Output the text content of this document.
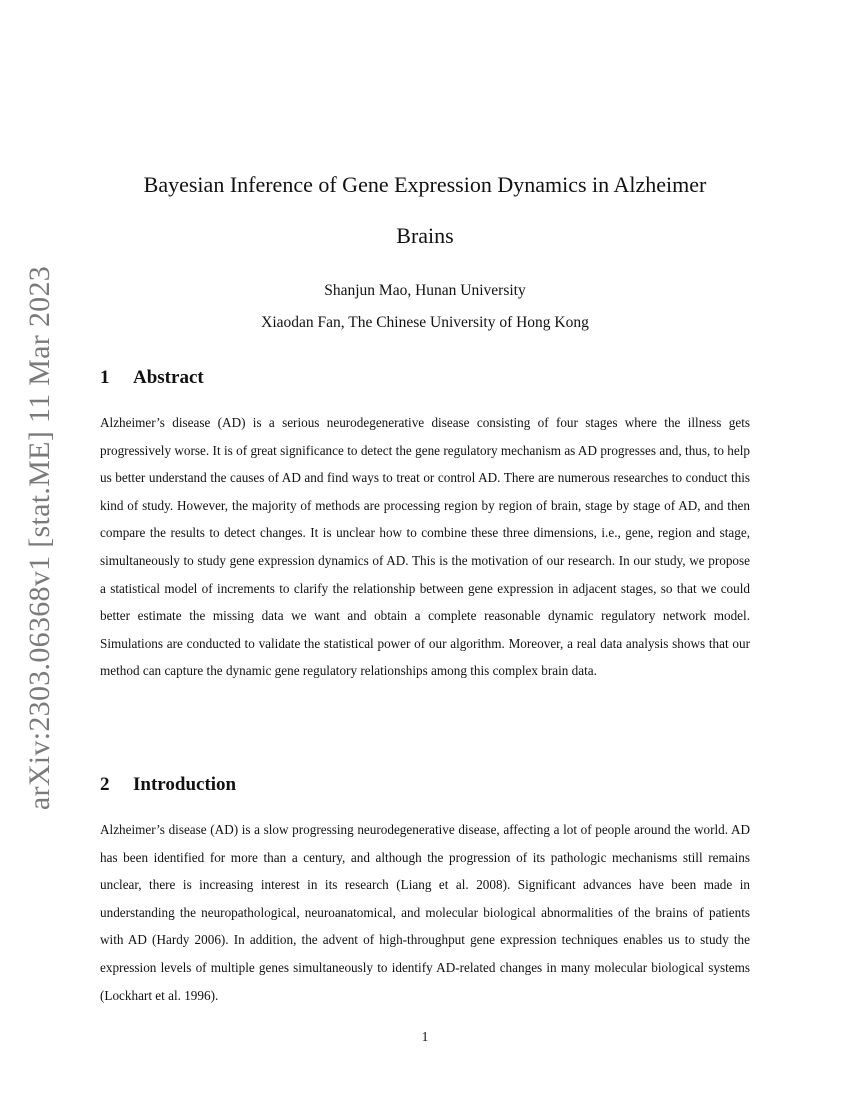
arXiv:2303.06368v1 [stat.ME] 11 Mar 2023
Bayesian Inference of Gene Expression Dynamics in Alzheimer
Brains
Shanjun Mao, Hunan University
Xiaodan Fan, The Chinese University of Hong Kong
1 Abstract

Alzheimer’s disease (AD) is a serious neurodegenerative disease consisting of four stages where the illness gets progressively worse. It is of great significance to detect the gene regulatory mechanism as AD progresses and, thus, to help us better understand the causes of AD and find ways to treat or control AD. There are numerous researches to conduct this kind of study. However, the majority of methods are processing region by region of brain, stage by stage of AD, and then compare the results to detect changes. It is unclear how to combine these three dimensions, i.e., gene, region and stage, simultaneously to study gene expression dynamics of AD. This is the motivation of our research. In our study, we propose a statistical model of increments to clarify the relationship between gene expression in adjacent stages, so that we could better estimate the missing data we want and obtain a complete reasonable dynamic regulatory network model. Simulations are conducted to validate the statistical power of our algorithm. Moreover, a real data analysis shows that our method can capture the dynamic gene regulatory relationships among this complex brain data.

2 Introduction

Alzheimer’s disease (AD) is a slow progressing neurodegenerative disease, affecting a lot of people around the world. AD has been identified for more than a century, and although the progression of its pathologic mechanisms still remains unclear, there is increasing interest in its research (Liang et al. 2008). Significant advances have been made in understanding the neuropathological, neuroanatomical, and molecular biological abnormalities of the brains of patients with AD (Hardy 2006). In addition, the advent of high-throughput gene expression techniques enables us to study the expression levels of multiple genes simultaneously to identify AD-related changes in many molecular biological systems (Lockhart et al. 1996).

1
